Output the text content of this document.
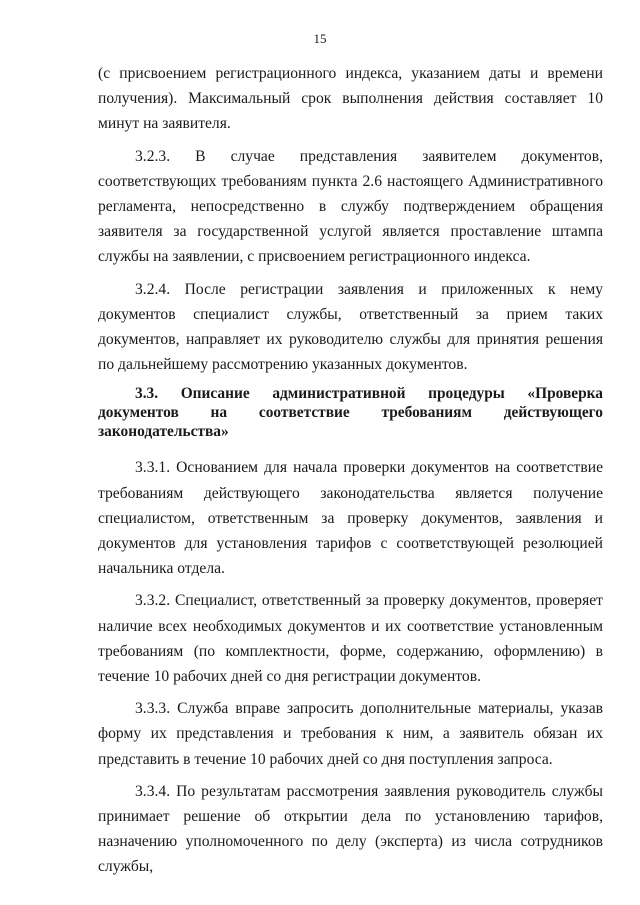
15

(с присвоением регистрационного индекса, указанием даты и времени получения). Максимальный срок выполнения действия составляет 10 минут на заявителя.

3.2.3. В случае представления заявителем документов, соответствующих требованиям пункта 2.6 настоящего Административного регламента, непосредственно в службу подтверждением обращения заявителя за государственной услугой является проставление штампа службы на заявлении, с присвоением регистрационного индекса.

3.2.4. После регистрации заявления и приложенных к нему документов специалист службы, ответственный за прием таких документов, направляет их руководителю службы для принятия решения по дальнейшему рассмотрению указанных документов.

3.3. Описание административной процедуры «Проверка документов на соответствие требованиям действующего законодательства»

3.3.1. Основанием для начала проверки документов на соответствие требованиям действующего законодательства является получение специалистом, ответственным за проверку документов, заявления и документов для установления тарифов с соответствующей резолюцией начальника отдела.

3.3.2. Специалист, ответственный за проверку документов, проверяет наличие всех необходимых документов и их соответствие установленным требованиям (по комплектности, форме, содержанию, оформлению) в течение 10 рабочих дней со дня регистрации документов.

3.3.3. Служба вправе запросить дополнительные материалы, указав форму их представления и требования к ним, а заявитель обязан их представить в течение 10 рабочих дней со дня поступления запроса.

3.3.4. По результатам рассмотрения заявления руководитель службы принимает решение об открытии дела по установлению тарифов, назначению уполномоченного по делу (эксперта) из числа сотрудников службы,
